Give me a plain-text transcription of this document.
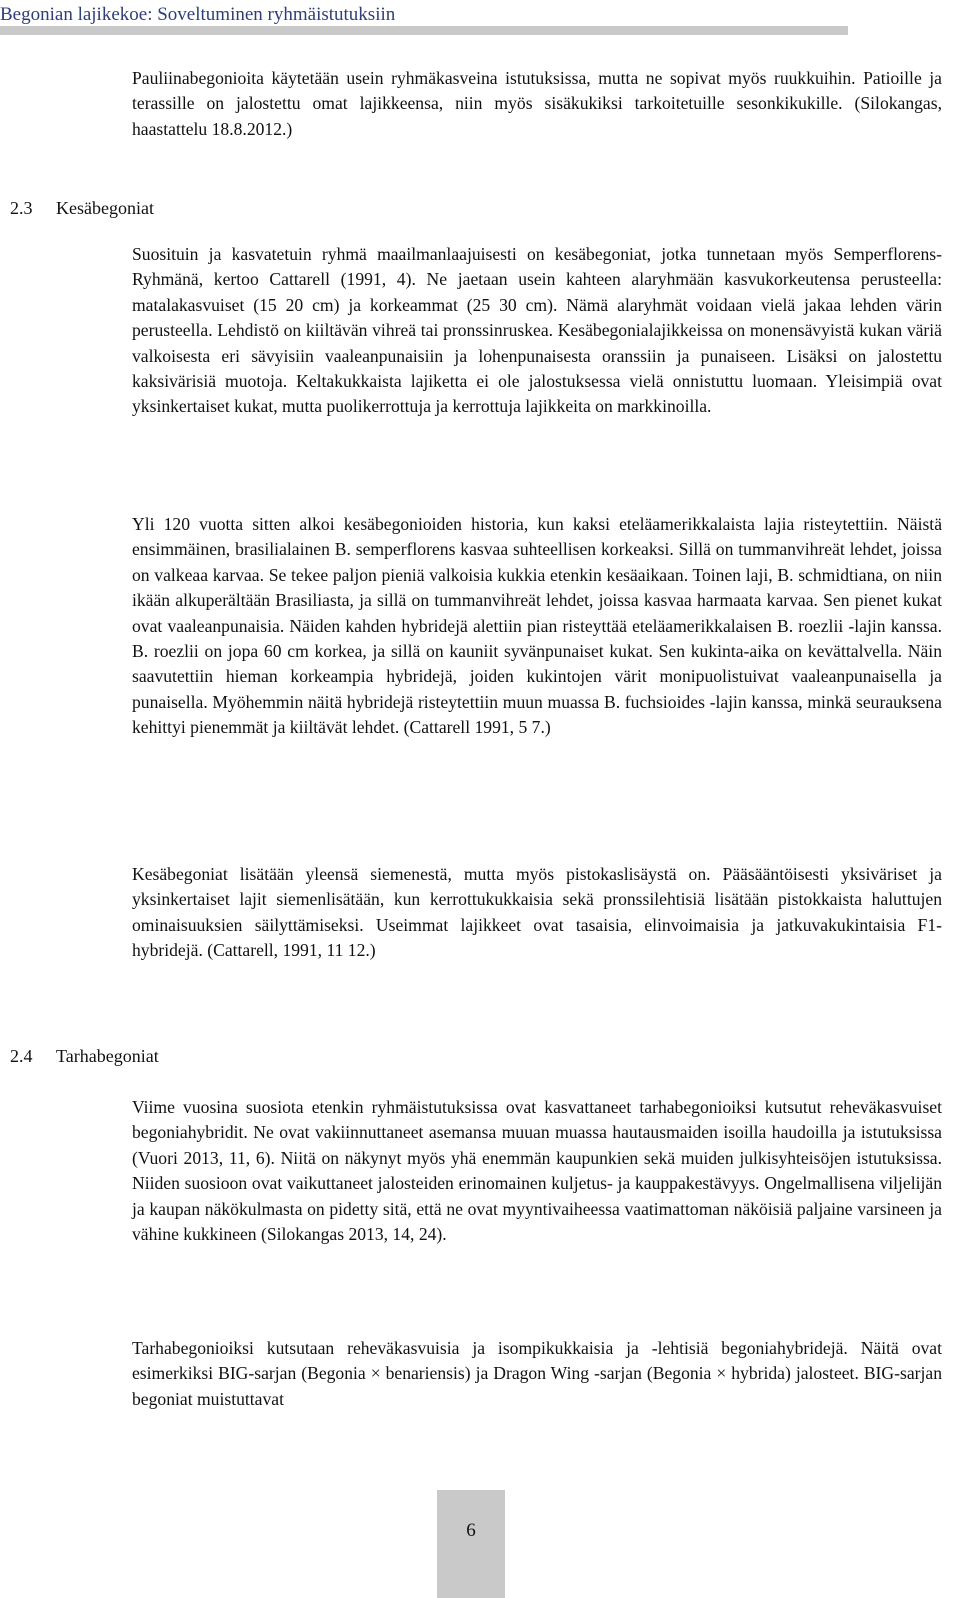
Begonian lajikekoe: Soveltuminen ryhmäistutuksiin

Pauliinabegonioita käytetään usein ryhmäkasveina istutuksissa, mutta ne sopivat myös ruukkuihin. Patioille ja terassille on jalostettu omat lajikkeensa, niin myös sisäkukiksi tarkoitetuille sesonkikukille. (Silokangas, haastattelu 18.8.2012.)

2.3 Kesäbegoniat

Suosituin ja kasvatetuin ryhmä maailmanlaajuisesti on kesäbegoniat, jotka tunnetaan myös Semperflorens-Ryhmänä, kertoo Cattarell (1991, 4). Ne jaetaan usein kahteen alaryhmään kasvukorkeutensa perusteella: matalakasvuiset (15 20 cm) ja korkeammat (25 30 cm). Nämä alaryhmät voidaan vielä jakaa lehden värin perusteella. Lehdistö on kiiltävän vihreä tai pronssinruskea. Kesäbegonialajikkeissa on monensävyistä kukan väriä valkoisesta eri sävyisiin vaaleanpunaisiin ja lohenpunaisesta oranssiin ja punaiseen. Lisäksi on jalostettu kaksivärisiä muotoja. Keltakukkaista lajiketta ei ole jalostuksessa vielä onnistuttu luomaan. Yleisimpiä ovat yksinkertaiset kukat, mutta puolikerrottuja ja kerrottuja lajikkeita on markkinoilla.

Yli 120 vuotta sitten alkoi kesäbegonioiden historia, kun kaksi eteläamerikkalaista lajia risteytettiin. Näistä ensimmäinen, brasilialainen B. semperflorens kasvaa suhteellisen korkeaksi. Sillä on tummanvihreät lehdet, joissa on valkeaa karvaa. Se tekee paljon pieniä valkoisia kukkia etenkin kesäaikaan. Toinen laji, B. schmidtiana, on niin ikään alkuperältään Brasiliasta, ja sillä on tummanvihreät lehdet, joissa kasvaa harmaata karvaa. Sen pienet kukat ovat vaaleanpunaisia. Näiden kahden hybridejä alettiin pian risteyttää eteläamerikkalaisen B. roezlii -lajin kanssa. B. roezlii on jopa 60 cm korkea, ja sillä on kauniit syvänpunaiset kukat. Sen kukinta-aika on kevättalvella. Näin saavutettiin hieman korkeampia hybridejä, joiden kukintojen värit monipuolistuivat vaaleanpunaisella ja punaisella. Myöhemmin näitä hybridejä risteytettiin muun muassa B. fuchsioides -lajin kanssa, minkä seurauksena kehittyi pienemmät ja kiiltävät lehdet. (Cattarell 1991, 5 7.)

Kesäbegoniat lisätään yleensä siemenestä, mutta myös pistokaslisäystä on. Pääsääntöisesti yksiväriset ja yksinkertaiset lajit siemenlisätään, kun kerrottukukkaisia sekä pronssilehtisiä lisätään pistokkaista haluttujen ominaisuuksien säilyttämiseksi. Useimmat lajikkeet ovat tasaisia, elinvoimaisia ja jatkuvakukintaisia F1-hybridejä. (Cattarell, 1991, 11 12.)

2.4 Tarhabegoniat

Viime vuosina suosiota etenkin ryhmäistutuksissa ovat kasvattaneet tarhabegonioiksi kutsutut reheväkasvuiset begoniahybridit. Ne ovat vakiinnuttaneet asemansa muuan muassa hautausmaiden isoilla haudoilla ja istutuksissa (Vuori 2013, 11, 6). Niitä on näkynyt myös yhä enemmän kaupunkien sekä muiden julkisyhteisöjen istutuksissa. Niiden suosioon ovat vaikuttaneet jalosteiden erinomainen kuljetus- ja kauppakestävyys. Ongelmallisena viljelijän ja kaupan näkökulmasta on pidetty sitä, että ne ovat myyntivaiheessa vaatimattoman näköisiä paljaine varsineen ja vähine kukkineen (Silokangas 2013, 14, 24).

Tarhabegonioiksi kutsutaan reheväkasvuisia ja isompikukkaisia ja -lehtisiä begoniahybridejä. Näitä ovat esimerkiksi BIG-sarjan (Begonia × benariensis) ja Dragon Wing -sarjan (Begonia × hybrida) jalosteet. BIG-sarjan begoniat muistuttavat

6
